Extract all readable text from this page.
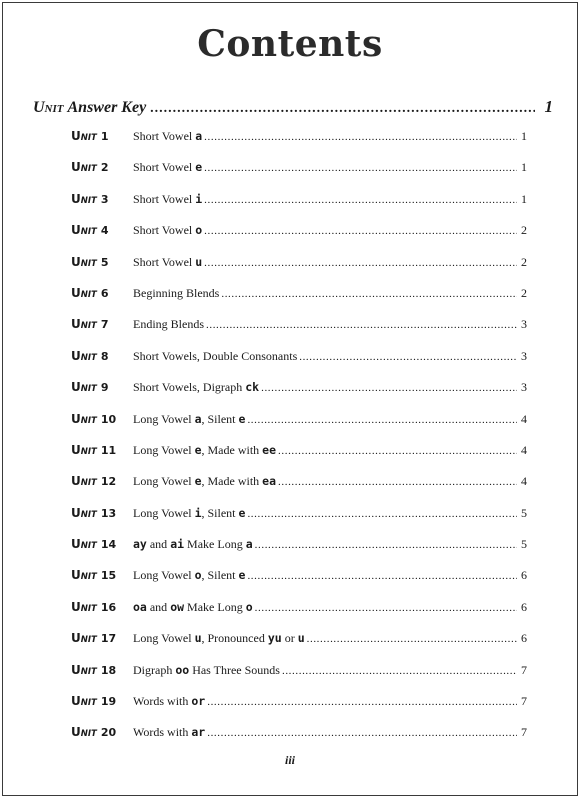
Contents
Unit Answer Key .....	1
UNIT 1	Short Vowel a .....	1
UNIT 2	Short Vowel e .....	1
UNIT 3	Short Vowel i .....	1
UNIT 4	Short Vowel o .....	2
UNIT 5	Short Vowel u .....	2
UNIT 6	Beginning Blends .....	2
UNIT 7	Ending Blends .....	3
UNIT 8	Short Vowels, Double Consonants .....	3
UNIT 9	Short Vowels, Digraph ck .....	3
UNIT 10	Long Vowel a, Silent e .....	4
UNIT 11	Long Vowel e, Made with ee .....	4
UNIT 12	Long Vowel e, Made with ea .....	4
UNIT 13	Long Vowel i, Silent e .....	5
UNIT 14	ay and ai Make Long a .....	5
UNIT 15	Long Vowel o, Silent e .....	6
UNIT 16	oa and ow Make Long o .....	6
UNIT 17	Long Vowel u, Pronounced yu or u .....	6
UNIT 18	Digraph oo Has Three Sounds .....	7
UNIT 19	Words with or .....	7
UNIT 20	Words with ar .....	7
iii
